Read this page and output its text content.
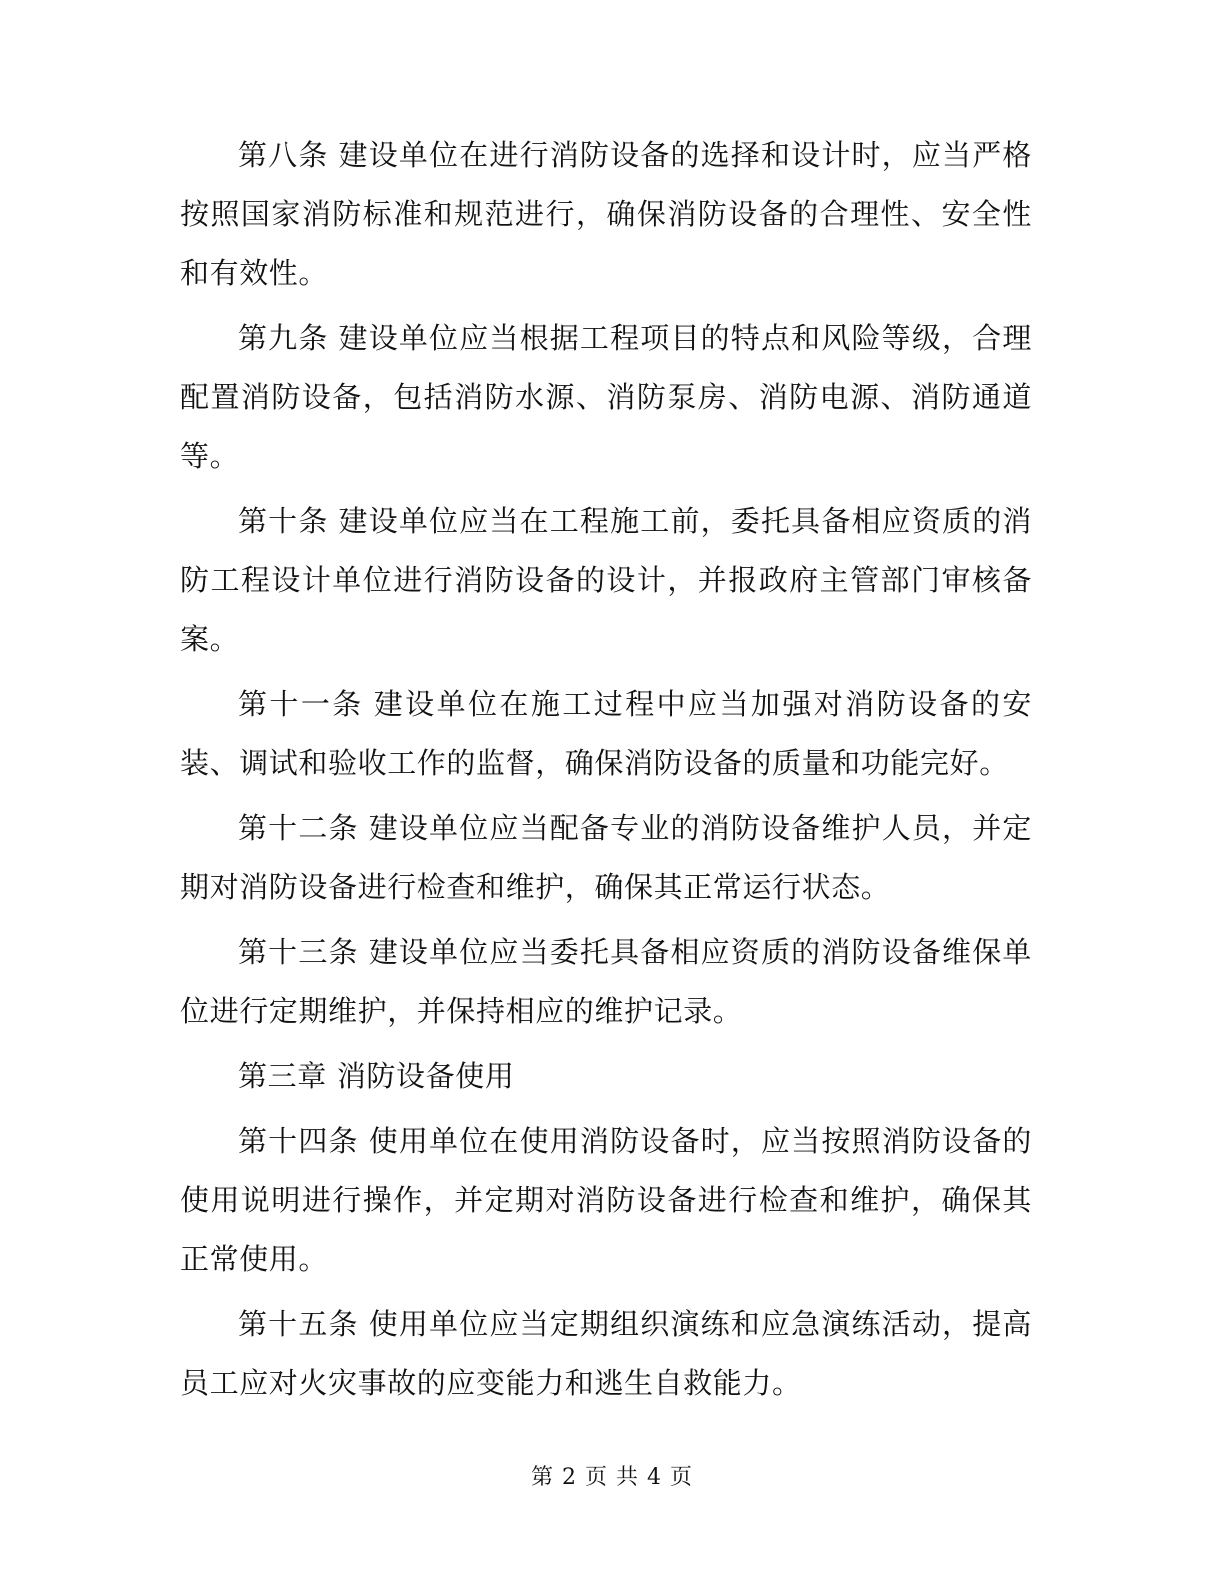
第八条 建设单位在进行消防设备的选择和设计时，应当严格按照国家消防标准和规范进行，确保消防设备的合理性、安全性和有效性。

第九条 建设单位应当根据工程项目的特点和风险等级，合理配置消防设备，包括消防水源、消防泵房、消防电源、消防通道等。

第十条 建设单位应当在工程施工前，委托具备相应资质的消防工程设计单位进行消防设备的设计，并报政府主管部门审核备案。

第十一条 建设单位在施工过程中应当加强对消防设备的安装、调试和验收工作的监督，确保消防设备的质量和功能完好。

第十二条 建设单位应当配备专业的消防设备维护人员，并定期对消防设备进行检查和维护，确保其正常运行状态。

第十三条 建设单位应当委托具备相应资质的消防设备维保单位进行定期维护，并保持相应的维护记录。

第三章 消防设备使用

第十四条 使用单位在使用消防设备时，应当按照消防设备的使用说明进行操作，并定期对消防设备进行检查和维护，确保其正常使用。

第十五条 使用单位应当定期组织演练和应急演练活动，提高员工应对火灾事故的应变能力和逃生自救能力。

第 2 页 共 4 页
